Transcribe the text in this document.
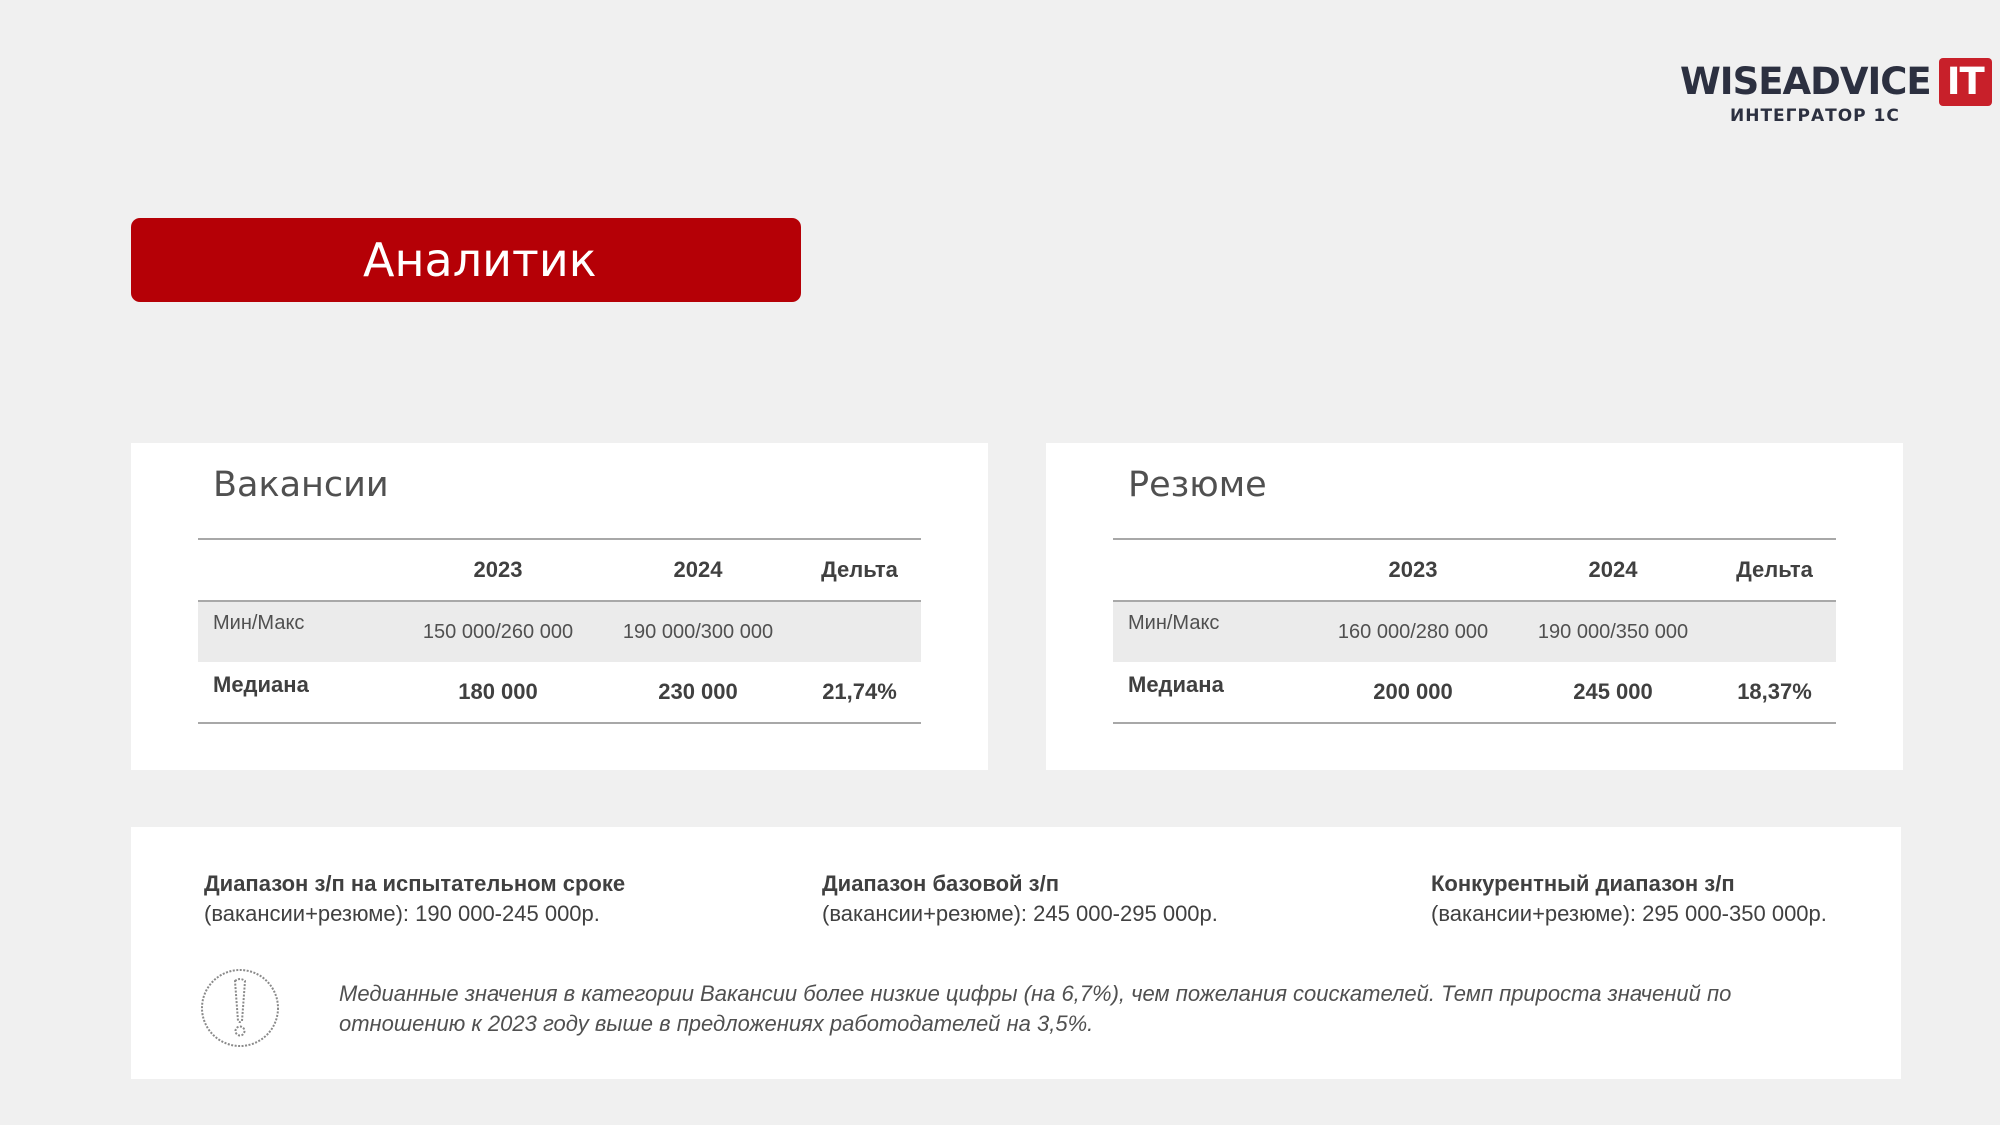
WISEADVICE IT
ИНТЕГРАТОР 1С
Аналитик
Вакансии
	2023	2024	Дельта
Мин/Макс	150 000/260 000	190 000/300 000	
Медиана	180 000	230 000	21,74%
Резюме
	2023	2024	Дельта
Мин/Макс	160 000/280 000	190 000/350 000	
Медиана	200 000	245 000	18,37%
Диапазон з/п на испытательном сроке
(вакансии+резюме): 190 000-245 000р.
Диапазон базовой з/п
(вакансии+резюме): 245 000-295 000р.
Конкурентный диапазон з/п
(вакансии+резюме): 295 000-350 000р.
Медианные значения в категории Вакансии более низкие цифры (на 6,7%), чем пожелания соискателей. Темп прироста значений по отношению к 2023 году выше в предложениях работодателей на 3,5%.
